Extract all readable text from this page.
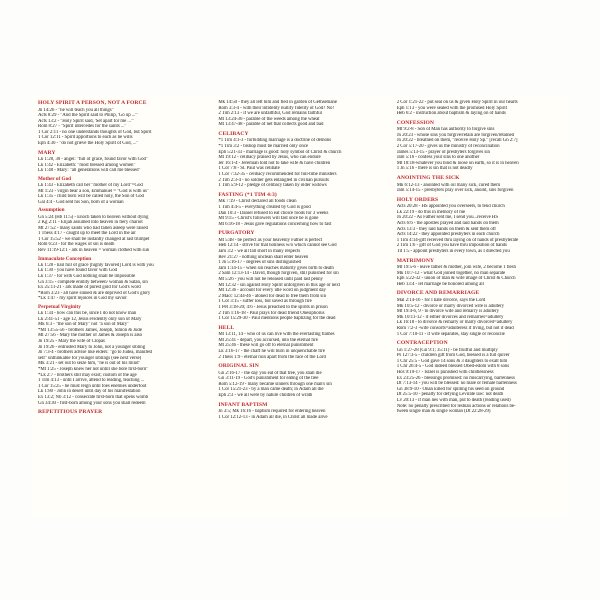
HOLY SPIRIT A PERSON, NOT A FORCE
Jn 14:26 - "he will teach you all things"
Acts 8:29 - "And the Spirit said to Philip, 'Go up ...'"
Acts 13:2 - "Holy Spirit said, 'Set apart for me ...'"
Rom 8:27 - "Spirit intercedes for the saints ..."
1 Cor 2:11 - no one understands thoughts of God, but Spirit
1 Cor 12:11 - Spirit apportions to each as he wills
Eph 4:30 - "do not grieve the Holy Spirit of God, ..."
MARY
Lk 1:28, 30 - angel: "full of grace, found favor with God"
Lk 1:42 - Elizabeth: "most blessed among women"
Lk 1:48 - Mary: "all generations will call me blessed"
Mother of God
Lk 1:43 - Elizabeth call her "mother of my Lord"=God
Mt 1:23 - virgin bear a son, Emmanuel = "God is with us"
Lk 1:35 - child born will be called holy, the Son of God
Gal 4:4 - God sent his Son, born of a woman
Assumption
Gn 5:24 (Hb 11:5) - Enoch taken to heaven without dying
2 Kg 2:11 - Elijah assumed into heaven in fiery chariot
Mt 27:52 - many saints who had fallen asleep were raised
1 Thess 4:17 - caught up to meet the Lord in the air
1 Cor 15:52 - we shall be instantly changed at last trumpet
Rom 6:23 - for the wages of sin is death
Rev 11:19-12:1 - ark in heaven = woman clothed with sun
Immaculate Conception
Lk 1:28 - hail full of grace [highly favored] Lord is with you
Lk 1:30 - you have found favor with God
Lk 1:37 - for with God nothing shall be impossible
Gn 3:15 - complete enmity between/ woman & Satan, sin
Ex 25:11-21 - ark made of purest gold for God's word
*Rom 3:23 - all have sinned & are deprived of God's glory
*Lk 1:47 - my spirit rejoices in God my savior
Perpetual Virginity
Lk 1:34 - how can this be, since I do not know man
Lk 2:41-51 - age 12, Jesus evidently only son of Mary
Mk 6:3 - "the son of Mary" not "a son of Mary"
*Mt 13:55-56 - brothers James, Joseph, Simon & Jude
Mt 27:56 - Mary the mother of James & Joseph is also
Jn 19:25 - Mary the wife of Clopas
Jn 19:26 - entrusted Mary to John, not a younger sibling
Jn 7:3-4 - brothers advise like elders: "go to Judea, manifest
self" unthinkable for younger siblings (see next verse)
Mk 3:21 - set out to seize him, "he is out of his mind"
*Mt 1:25 - Joseph knew her not untill she bore first-born"
*Lk 2:7 - brothers still may exist; custom of the age
1 Tim 4:13 - until I arrive, attend to reading, teaching ...
1 Cor 15:25 - he must reign until foes enemies underfoot
Lk 1:80 - John in desert until day of his manifestation
Ex 13:2; Nb 3:12 - consecrate first-born that opens womb
Gn 34:30 - first-born among your sons you shall redeem
REPETITIOUS PRAYER
Mk 14:50 - they all left him and fled in garden of Gethsemane
Rom 3:3-4 - with their infidelity nullify fidelity of God? No!
2 Tim 2:13 - if we are unfaithful, God remains faithful
Mt 13:24-30 - parable of the weeds among the wheat
Mt 13:47-48 - parable of net that collects good and bad
CELIBACY
*1 Tim 4:1-3 - forbidding marriage is a doctrine of demons
*1 Tim 3:2 - bishop must be married only once
Eph 5:21-33 - marriage is good: holy symbol of Christ & church
Mt 19:12 - celibacy praised by Jesus, who can endure
Jer 16:1-4 - Jeremiah told not to take wife & have children
1 Cor 7:8 - St. Paul was celibate
1 Cor 7:32-35 - celibacy recommended for full-time ministers
2 Tim 2:3-4 - no soldier gets entangled in civilian pursuits
1 Tim 5:9-12 - pledge of celibacy taken by older widows
FASTING (*1 TIM 4:3)
Mk 7:19 - Christ declared all foods clean
1 Tim 4:4-5 - everything created by God is good
Dan 10:3 - Daniel refused to eat choice foods for 3 weeks
Mt 9:15 - Christ's followers will fast once he is gone
Mt 6:16-18 - Jesus gave regulations concerning how to fast
PURGATORY
Mt 5:48 - be perfect as your heavenly Father is perfect
Heb 12:14 - strive for that holiness w/o which cannot see God
Jam 3:2 - we all fall short in many respects
Rev 21:27 - nothing unclean shall enter heaven
1 Jn 5:16-17 - degrees of sins distinguished
Jam 1:14-15 - when sin reaches maturity gives birth to death
2 Sam 12:13-14 - David, though forgiven, still punished for sin
Mt 5:26 - you will not be released until paid last penny
Mt 12:32 - sin against Holy Spirit unforgiven in this age or next
Mt 12:36 - account for every idle word on judgment day
2 Macc 12:44-46 - atoned for dead to free them from sin
1 Cor 3:15 - suffer loss, but saved as through fire
1 Pet 3:18-20; 4:6 - Jesus preached to the spirits in prison
2 Tim 1:16-18 - Paul prays for dead friend Onesiphorus
1 Cor 15:29-30 - Paul mentions people baptizing for the dead
HELL
Mt 13:11, 14 - who of us can live with the everlasting flames
Mt 25:41 - depart, you accursed, into the eternal fire
Mt 25:46 - these will go off to eternal punishment
Lk 3:16-17 - the chaff he will burn in unquenchable fire
2 Thess 1:9 - eternal ruin apart from the face of the Lord
ORIGINAL SIN
Gn 2:16-17 - the day you eat of that tree, you shall die
Gn 3:11-19 - God's punishment for eating of the tree
Rom 5:12-19 - many became sinners through one man's sin
1 Cor 15:21-23 - by a man came death; in Adam all die
Eph 2:3 - we all were by nature children of wrath
INFANT BAPTISM
Jn 3:5; Mk 16:16 - baptism required for entering heaven
1 Cor 12:12-13 - in Adam all die, in Christ all made alive
2 Cor 1:21-22 - put seal on us & given Holy Spirit in our hearts
Eph 1:13 - you were sealed with the promised Holy Spirit
Heb 6:2 - instruction about baptism & laying on of hands
CONFESSION
Mt 9:2-8 - Son of Man has authority to forgive sins
Jn 20:23 - whose sins you forgive/retain are forgiven/retained
Jn 20:22 - breathed on them, "receive Holy Sp." [recall Gn 2:7]
2 Cor 5:17-20 - gives us the ministry of reconciliation
James 5:13-15 - prayer of presbyters forgives sin
Jam 5:16 - confess your sins to one another
Mt 18:18-whatever you bind & loose on earth, so it is in heaven
1 Jn 5:16 - there is sin that is not deadly
ANOINTING THE SICK
Mk 6:12-13 - anointed with oil many sick, cured them
Jam 5:14-15 - presbyters pray over sick, anoint, sins forgiven
HOLY ORDERS
Acts 20:28 - HS appointed you overseers, to tend church
Lk 22:19 - do this in memory of me
Jn 20:22 - As Father sent me, I send you...receive HS
Acts 6:6 - the apostles prayed and laid hands on them
Acts 13:3 - they laid hands on them & sent them off
Acts 14:22 - they appointed presbyters in each church
1 Tim 4:14-gift received thru laying on of hands of presbyterate
2 Tim 1:6 - gift of God you have thru imposition of hands
Tit 1:5 - appoint presbyters in every town, as I directed you
MATRIMONY
Mt 19:5-6 - leave father & mother, join wife, 2 become 1 flesh
Mk 10:7-12 - what God joined together, no man separate
Eph 5:22-32 - union of man & wife image of Christ & Church
Heb 13:4 - let marriage be honored among all
DIVORCE AND REMARRIAGE
Mal 2:14-16 - for I hate divorce, says the Lord
Mk 10:5-12 - divorce or marry divorced wife is adultery
Mt 19:4-6, 9 - to divorce wife and remarry is adultery
Mk 10:11-12 - if either divorces and remarries=adultery
Lk 16:18 - to divorce & remarry or marry divorced=adultery
Rom 7:2-3 -wife consorts=adulteress if living, but not if dead
1 Cor 7:10-11 - if wife separates, stay single or reconcile
CONTRACEPTION
Gn 1:27-28 (Gn 9:1; 35:11) - be fruitful and multiply
Ps 127:3-5 - children gift from God, blessed is a full quiver
1 Chr 25:5 - God gave 14 sons & 3 daughters to exalt him
1 Chr 26:4-5 - God indeed blessed Obed-edom with 8 sons
Hos 9:10-17 - Israel is punished with childlessness
Ex 23:25-26 - blessings promised: no miscarrying, barrenness
Dt 7:13-14 - you will be blessed: no male or female barrenness
Gn 38:9-10 - Onan killed for spilling his seed on ground
Dt 25:5-10 - penalty for defying Levirate law: not death
Lv 20:13 - if man lies with man, put to death (reading used)
Note: no penalty prescribed for lesbian actions or relations be-
tween single man & single woman (Dt 22:28-29)
